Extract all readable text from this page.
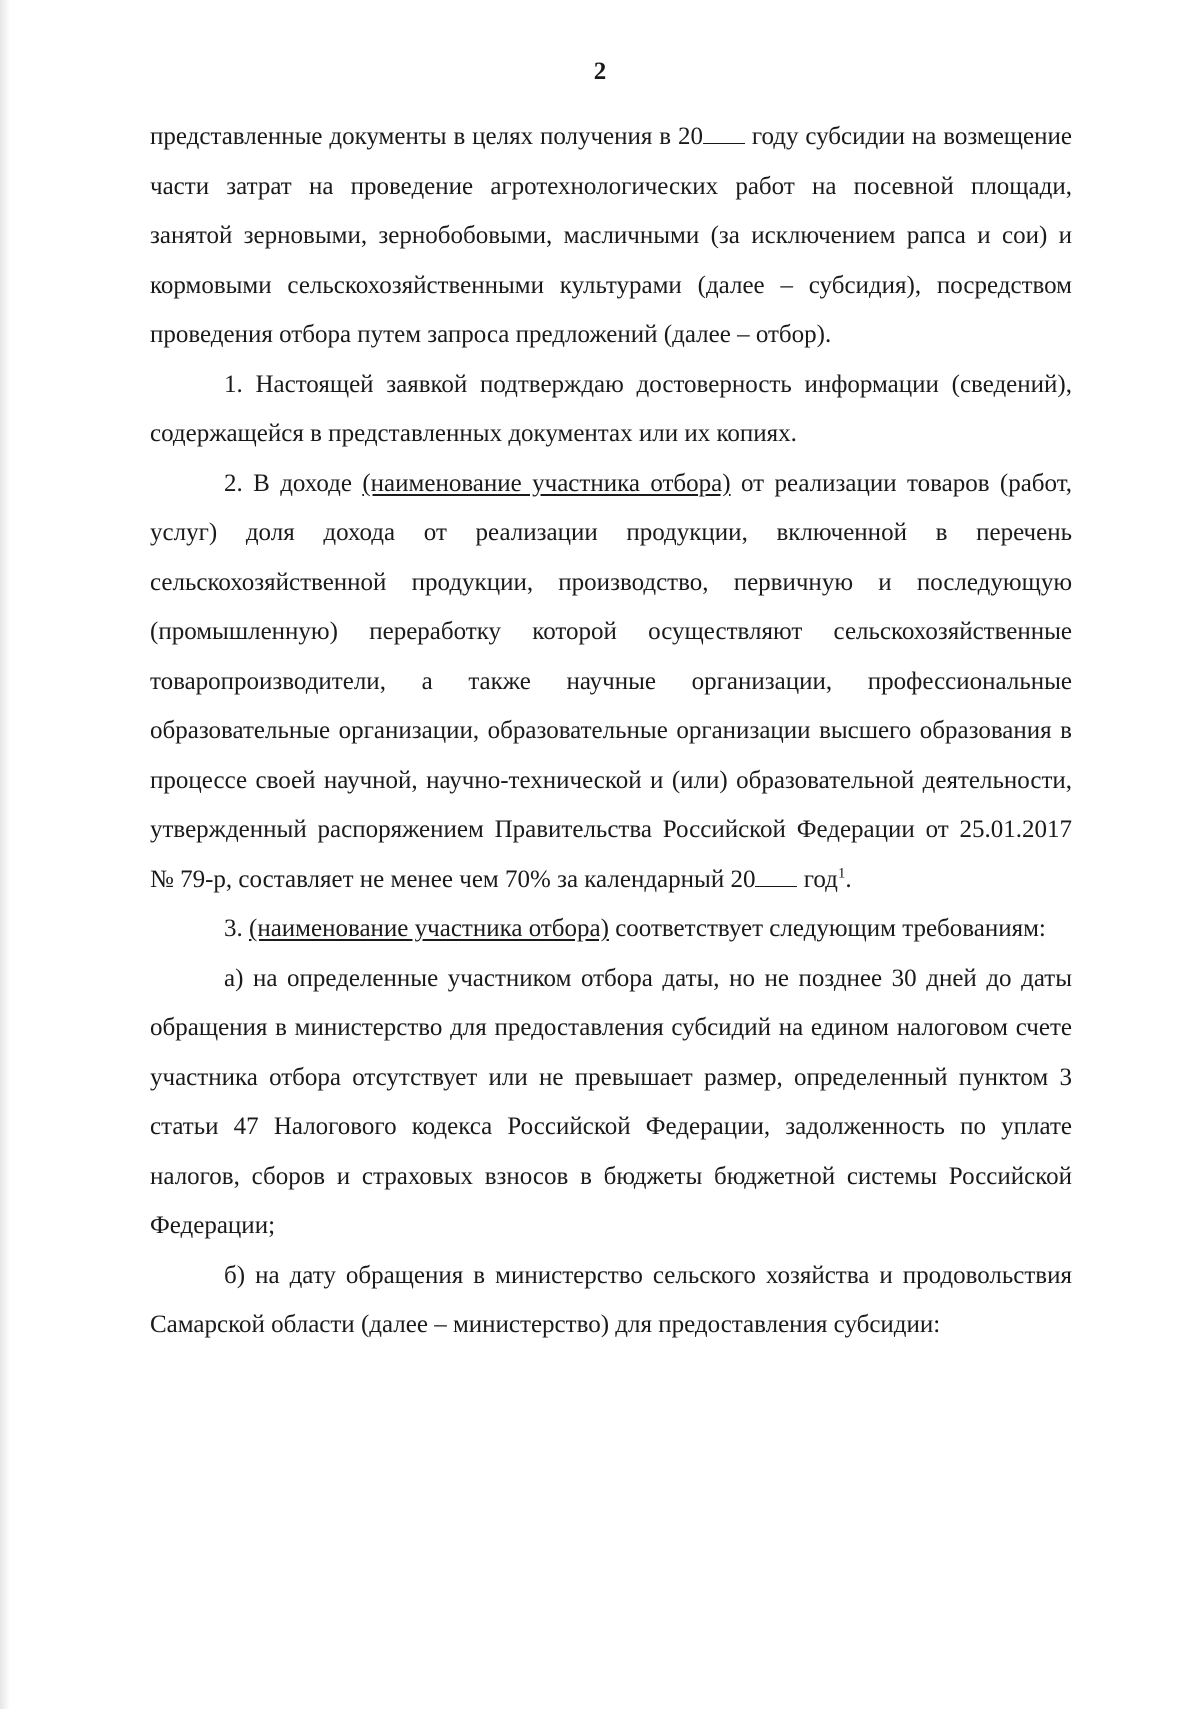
2

представленные документы в целях получения в 20 году субсидии на возмещение части затрат на проведение агротехнологических работ на посевной площади, занятой зерновыми, зернобобовыми, масличными (за исключением рапса и сои) и кормовыми сельскохозяйственными культурами (далее – субсидия), посредством проведения отбора путем запроса предложений (далее – отбор).

1. Настоящей заявкой подтверждаю достоверность информации (сведений), содержащейся в представленных документах или их копиях.

2. В доходе (наименование участника отбора) от реализации товаров (работ, услуг) доля дохода от реализации продукции, включенной в перечень сельскохозяйственной продукции, производство, первичную и последующую (промышленную) переработку которой осуществляют сельскохозяйственные товаропроизводители, а также научные организации, профессиональные образовательные организации, образовательные организации высшего образования в процессе своей научной, научно-технической и (или) образовательной деятельности, утвержденный распоряжением Правительства Российской Федерации от 25.01.2017 № 79-р, составляет не менее чем 70% за календарный 20 год$^1$.

3. (наименование участника отбора) соответствует следующим требованиям:

а) на определенные участником отбора даты, но не позднее 30 дней до даты обращения в министерство для предоставления субсидий на едином налоговом счете участника отбора отсутствует или не превышает размер, определенный пунктом 3 статьи 47 Налогового кодекса Российской Федерации, задолженность по уплате налогов, сборов и страховых взносов в бюджеты бюджетной системы Российской Федерации;

б) на дату обращения в министерство сельского хозяйства и продовольствия Самарской области (далее – министерство) для предоставления субсидии:
